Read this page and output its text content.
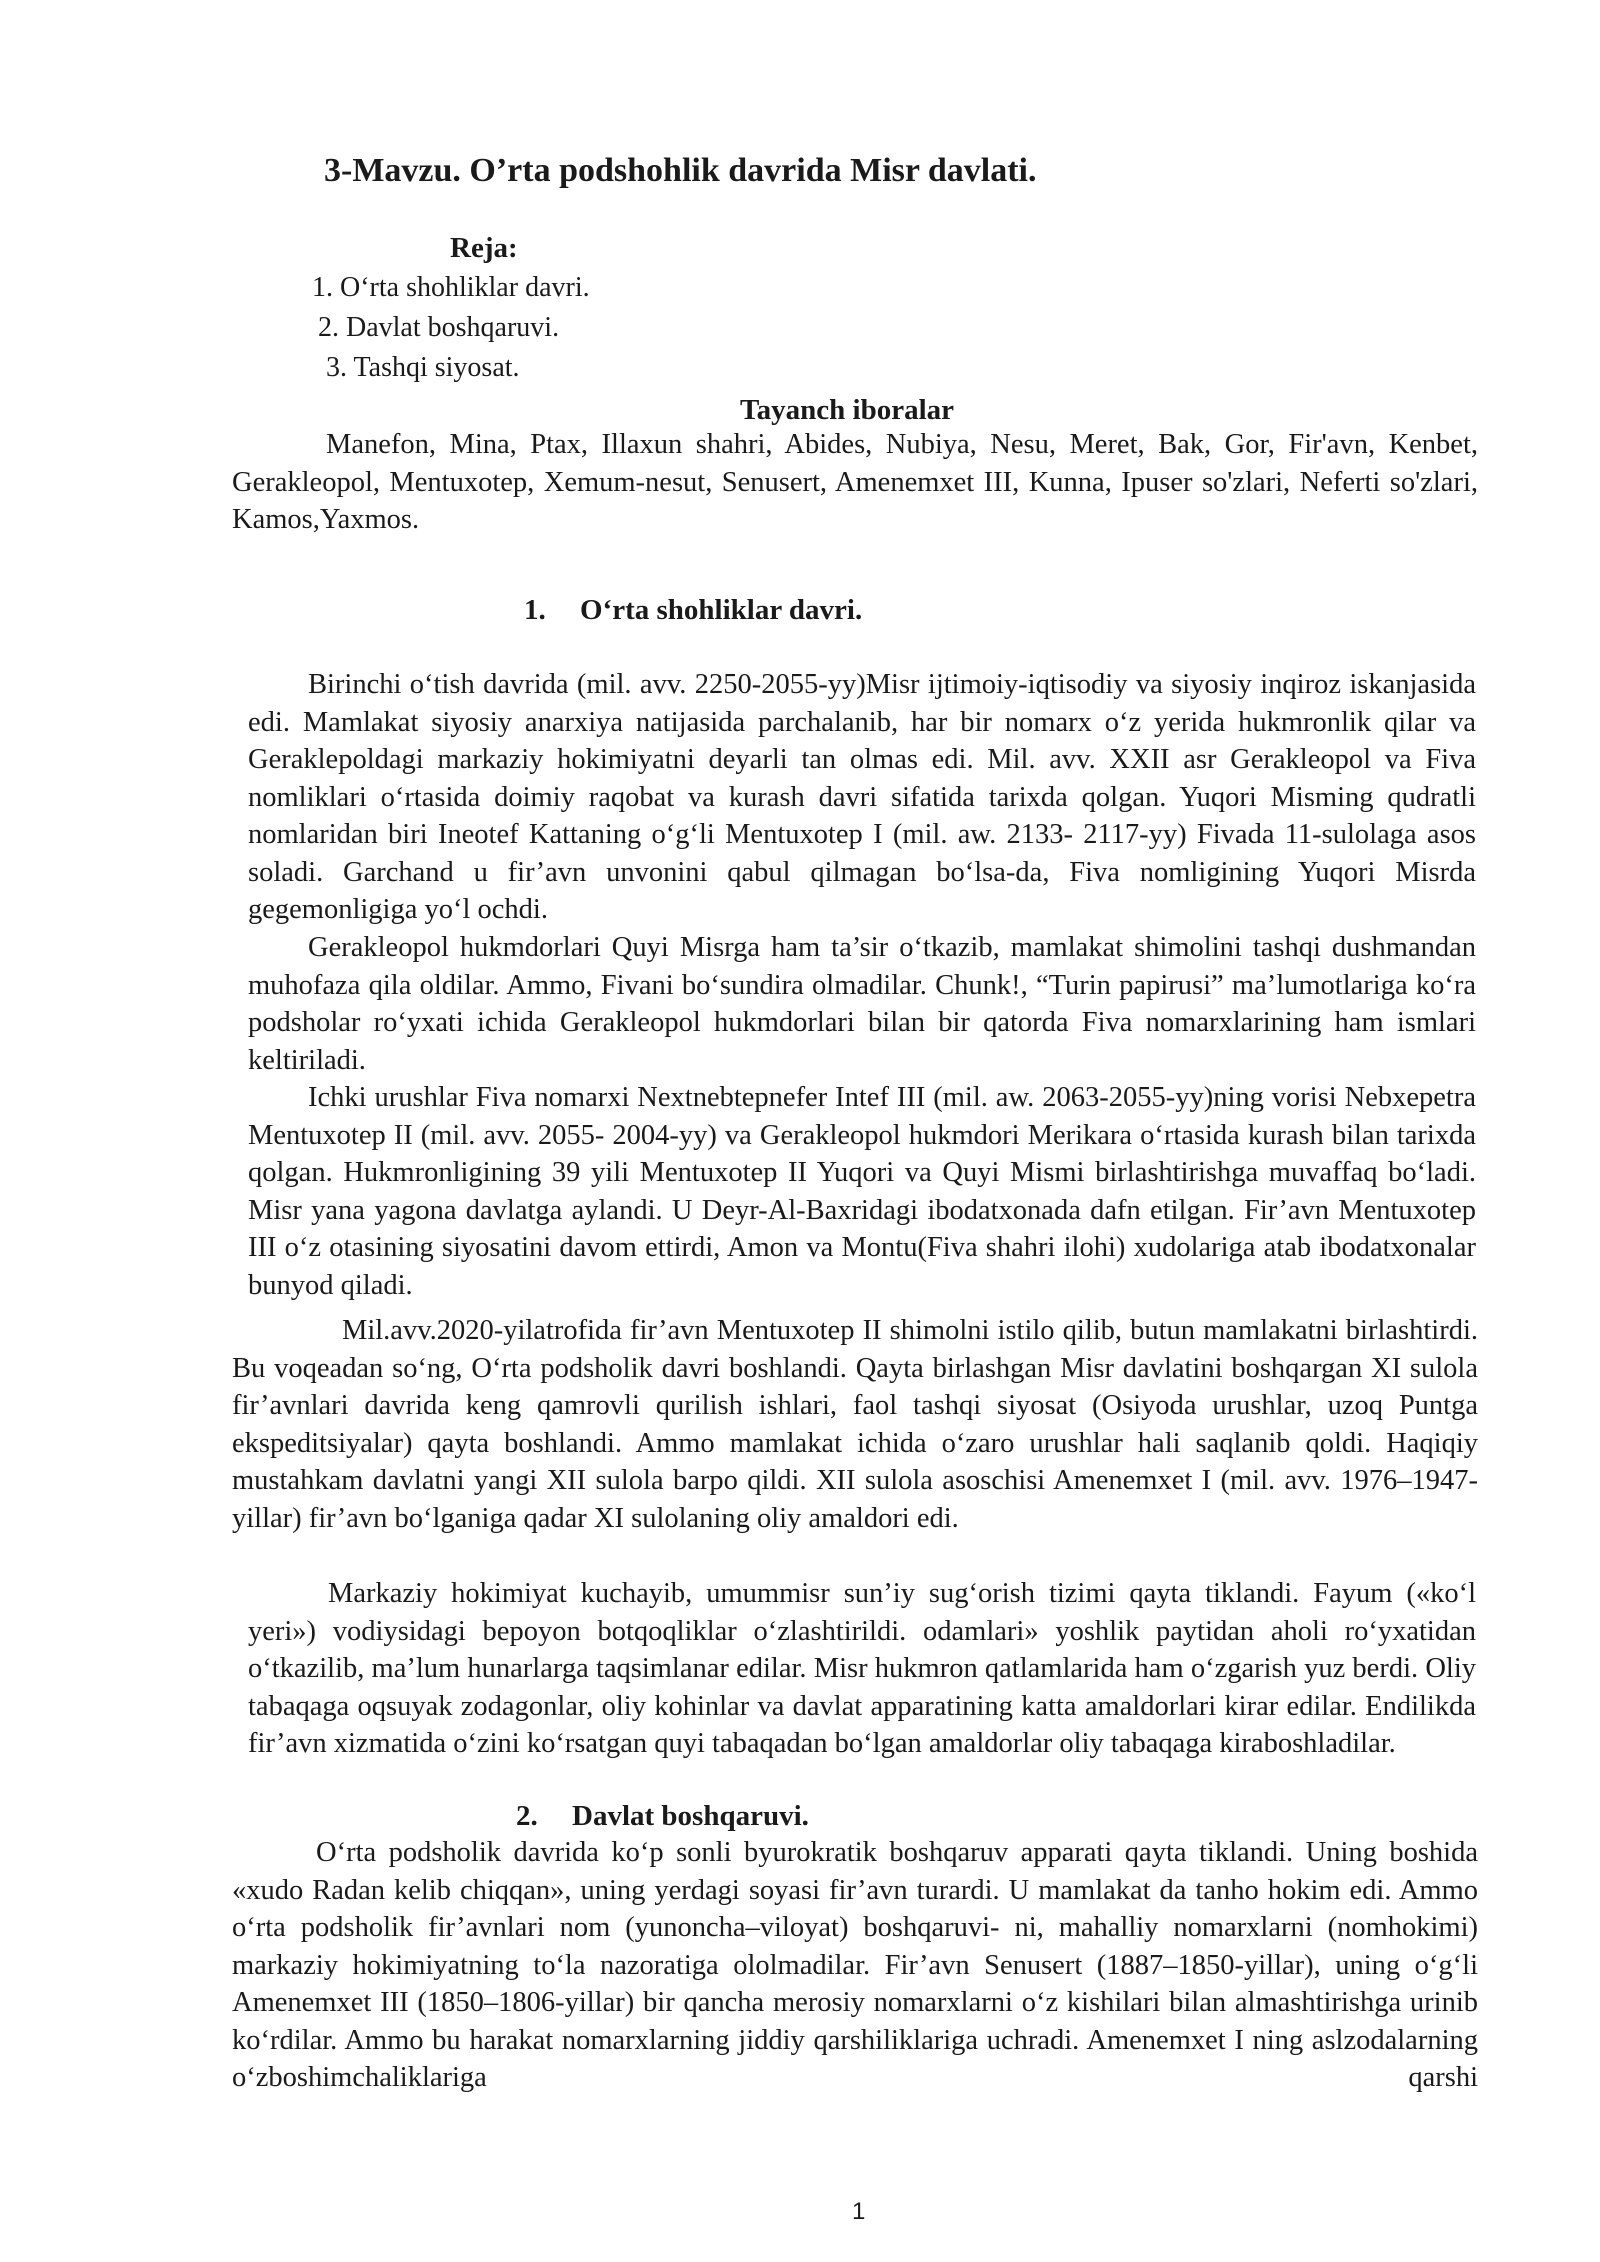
3-Mavzu. O’rta podshohlik davrida Misr davlati.
Reja:
1. O‘rta shohliklar davri.
2. Davlat boshqaruvi.
3. Tashqi siyosat.
Tayanch iboralar

Manefon, Mina, Ptax, Illaxun shahri, Abides, Nubiya, Nesu, Meret, Bak, Gor, Fir'avn, Kenbet, Gerakleopol, Mentuxotep, Xemum-nesut, Senusert, Amenemxet III, Kunna, Ipuser so'zlari, Neferti so'zlari, Kamos,Yaxmos.

1. O‘rta shohliklar davri.

Birinchi o‘tish davrida (mil. avv. 2250-2055-yy)Misr ijtimoiy-iqtisodiy va siyosiy inqiroz iskanjasida edi. Mamlakat siyosiy anarxiya natijasida parchalanib, har bir nomarx o‘z yerida hukmronlik qilar va Geraklepoldagi markaziy hokimiyatni deyarli tan olmas edi. Mil. avv. XXII asr Gerakleopol va Fiva nomliklari o‘rtasida doimiy raqobat va kurash davri sifatida tarixda qolgan. Yuqori Misming qudratli nomlaridan biri Ineotef Kattaning o‘g‘li Mentuxotep I (mil. aw. 2133- 2117-yy) Fivada 11-sulolaga asos soladi. Garchand u fir’avn unvonini qabul qilmagan bo‘lsa-da, Fiva nomligining Yuqori Misrda gegemonligiga yo‘l ochdi.

Gerakleopol hukmdorlari Quyi Misrga ham ta’sir o‘tkazib, mamlakat shimolini tashqi dushmandan muhofaza qila oldilar. Ammo, Fivani bo‘sundira olmadilar. Chunk!, “Turin papirusi” ma’lumotlariga ko‘ra podsholar ro‘yxati ichida Gerakleopol hukmdorlari bilan bir qatorda Fiva nomarxlarining ham ismlari keltiriladi.

Ichki urushlar Fiva nomarxi Nextnebtepnefer Intef III (mil. aw. 2063-2055-yy)ning vorisi Nebxepetra Mentuxotep II (mil. avv. 2055- 2004-yy) va Gerakleopol hukmdori Merikara o‘rtasida kurash bilan tarixda qolgan. Hukmronligining 39 yili Mentuxotep II Yuqori va Quyi Mismi birlashtirishga muvaffaq bo‘ladi. Misr yana yagona davlatga aylandi. U Deyr-Al-Baxridagi ibodatxonada dafn etilgan. Fir’avn Mentuxotep III o‘z otasining siyosatini davom ettirdi, Amon va Montu(Fiva shahri ilohi) xudolariga atab ibodatxonalar bunyod qiladi.

Mil.avv.2020-yilatrofida fir’avn Mentuxotep II shimolni istilo qilib, butun mamlakatni birlashtirdi. Bu voqeadan so‘ng, O‘rta podsholik davri boshlandi. Qayta birlashgan Misr davlatini boshqargan XI sulola fir’avnlari davrida keng qamrovli qurilish ishlari, faol tashqi siyosat (Osiyoda urushlar, uzoq Puntga ekspeditsiyalar) qayta boshlandi. Ammo mamlakat ichida o‘zaro urushlar hali saqlanib qoldi. Haqiqiy mustahkam davlatni yangi XII sulola barpo qildi. XII sulola asoschisi Amenemxet I (mil. avv. 1976–1947-yillar) fir’avn bo‘lganiga qadar XI sulolaning oliy amaldori edi.

Markaziy hokimiyat kuchayib, umummisr sun’iy sug‘orish tizimi qayta tiklandi. Fayum («ko‘l yeri») vodiysidagi bepoyon botqoqliklar o‘zlashtirildi. odamlari» yoshlik paytidan aholi ro‘yxatidan o‘tkazilib, ma’lum hunarlarga taqsimlanar edilar. Misr hukmron qatlamlarida ham o‘zgarish yuz berdi. Oliy tabaqaga oqsuyak zodagonlar, oliy kohinlar va davlat apparatining katta amaldorlari kirar edilar. Endilikda fir’avn xizmatida o‘zini ko‘rsatgan quyi tabaqadan bo‘lgan amaldorlar oliy tabaqaga kiraboshladilar.

2. Davlat boshqaruvi.

O‘rta podsholik davrida ko‘p sonli byurokratik boshqaruv apparati qayta tiklandi. Uning boshida «xudo Radan kelib chiqqan», uning yerdagi soyasi fir’avn turardi. U mamlakat da tanho hokim edi. Ammo o‘rta podsholik fir’avnlari nom (yunoncha–viloyat) boshqaruvi- ni, mahalliy nomarxlarni (nomhokimi) markaziy hokimiyatning to‘la nazoratiga ololmadilar. Fir’avn Senusert (1887–1850-yillar), uning o‘g‘li Amenemxet III (1850–1806-yillar) bir qancha merosiy nomarxlarni o‘z kishilari bilan almashtirishga urinib ko‘rdilar. Ammo bu harakat nomarxlarning jiddiy qarshiliklariga uchradi. Amenemxet I ning aslzodalarning o‘zboshimchaliklariga qarshi

1
